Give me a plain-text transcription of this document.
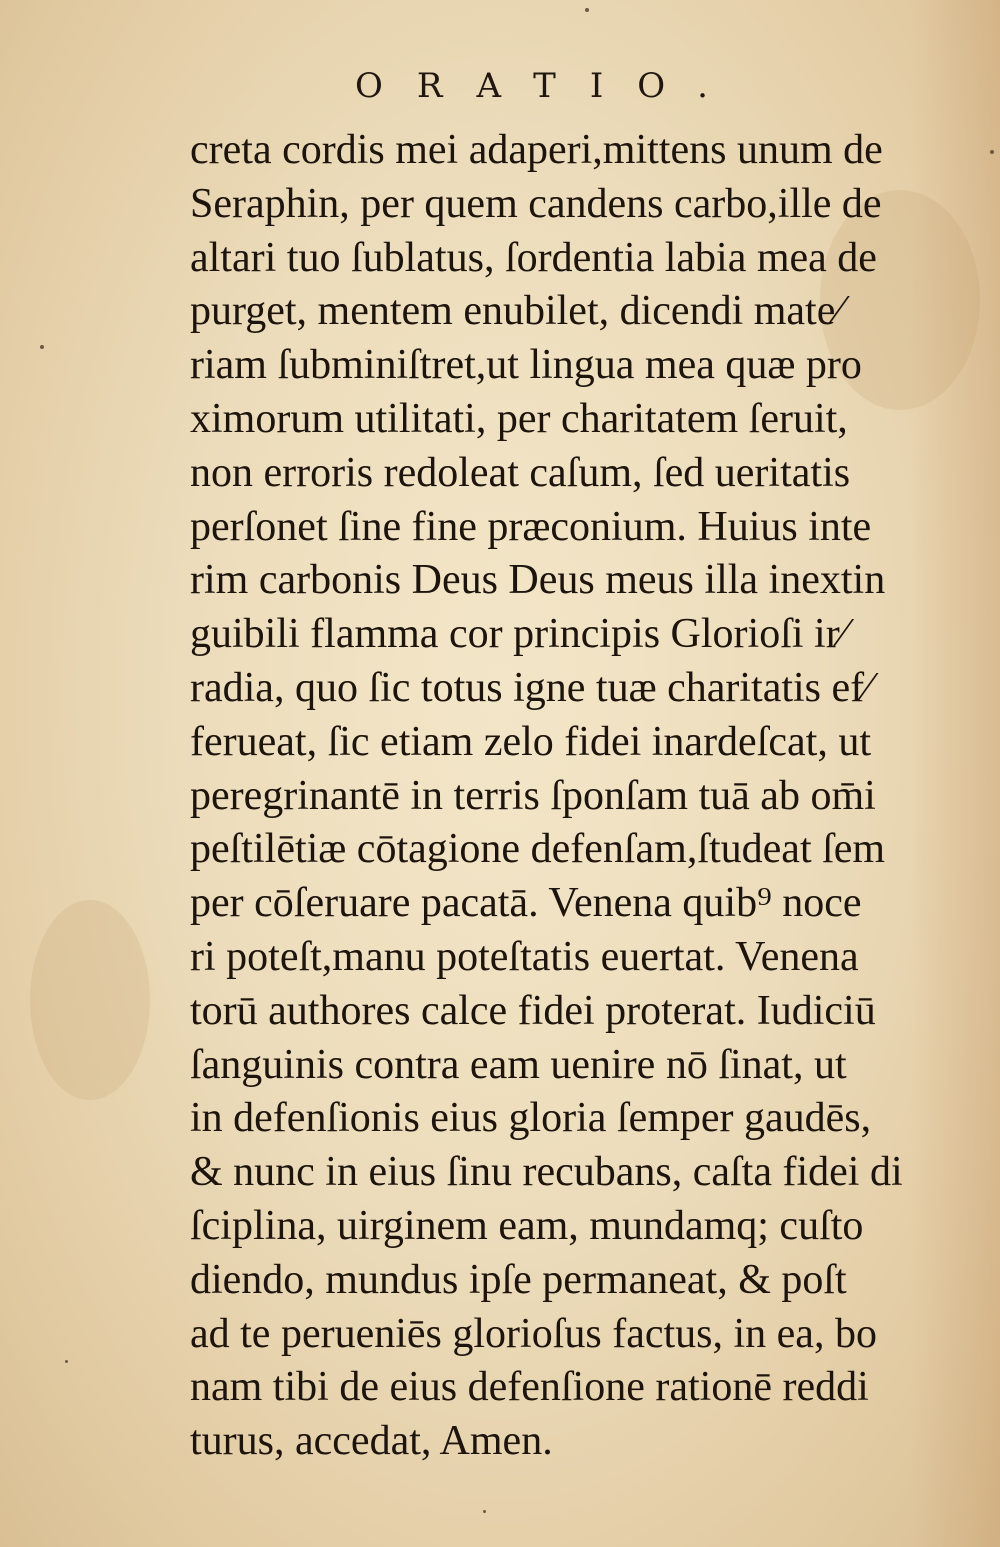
ORATIO.
creta cordis mei adaperi,mittens unum de
Seraphin, per quem candens carbo,ille de
altari tuo ſublatus, ſordentia labia mea de
purget, mentem enubilet, dicendi mate⁄
riam ſubminiſtret,ut lingua mea quæ pro
ximorum utilitati, per charitatem ſeruit,
non erroris redoleat caſum, ſed ueritatis
perſonet ſine fine præconium. Huius inte
rim carbonis Deus Deus meus illa inextin
guibili flamma cor principis Glorioſi ir⁄
radia, quo ſic totus igne tuæ charitatis ef⁄
ferueat, ſic etiam zelo fidei inardeſcat, ut
peregrinantē in terris ſponſam tuā ab om̄i
peſtilētiæ cōtagione defenſam,ſtudeat ſem
per cōſeruare pacatā. Venena quib⁹ noce
ri poteſt,manu poteſtatis euertat. Venena
torū authores calce fidei proterat. Iudiciū
ſanguinis contra eam uenire nō ſinat, ut
in defenſionis eius gloria ſemper gaudēs,
& nunc in eius ſinu recubans, caſta fidei di
ſciplina, uirginem eam, mundamq; cuſto
diendo, mundus ipſe permaneat, & poſt
ad te perueniēs glorioſus factus, in ea, bo
nam tibi de eius defenſione rationē reddi
turus, accedat, Amen.
